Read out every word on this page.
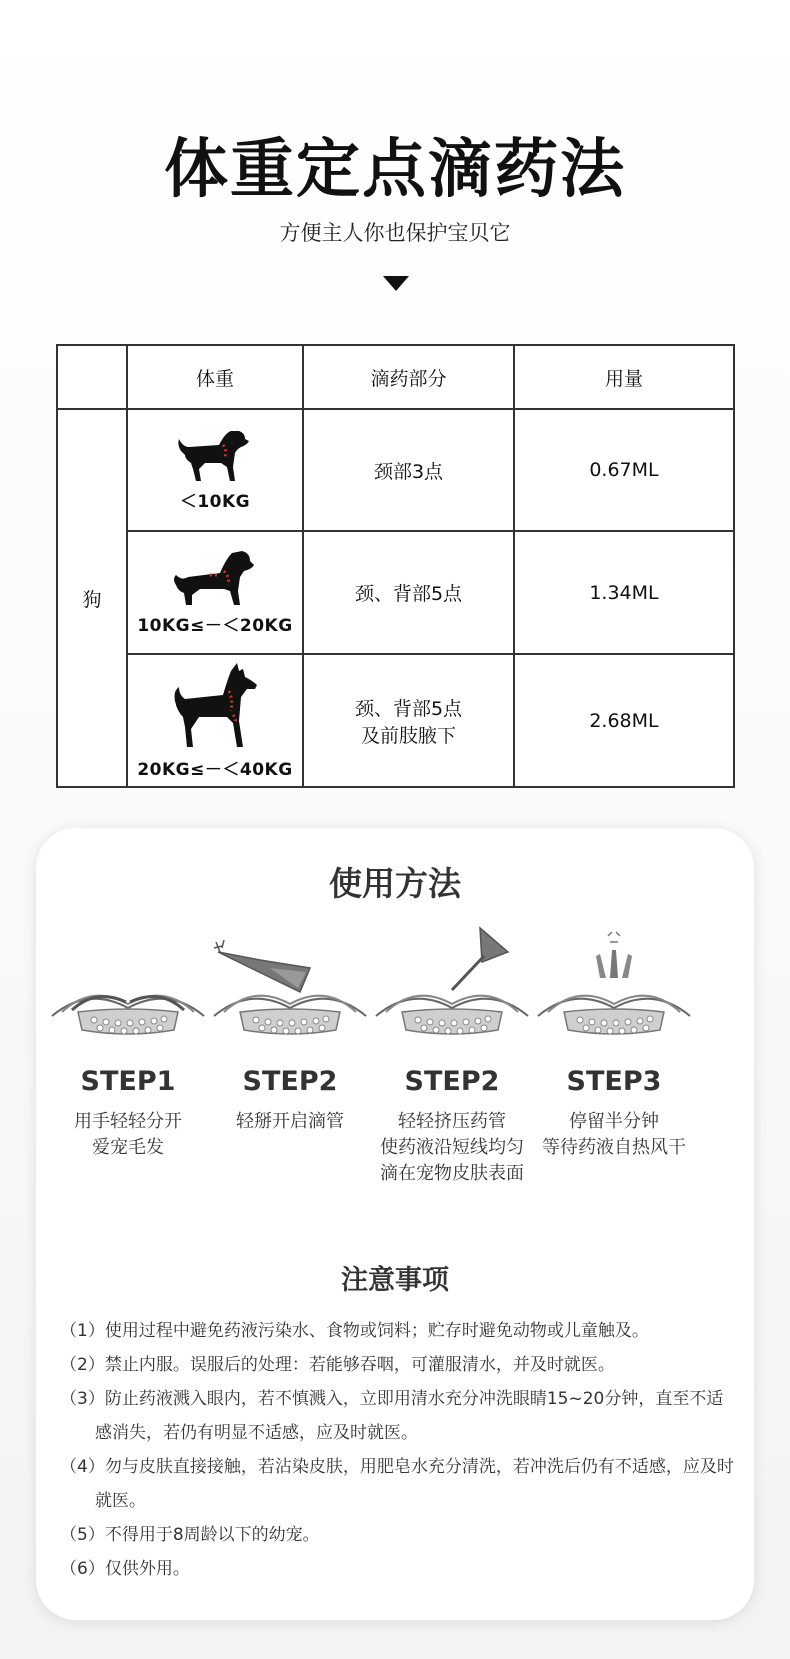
体重定点滴药法
方便主人你也保护宝贝它
	体重	滴药部分	用量
狗	＜10KG	颈部3点	0.67ML

	10KG≤－＜20KG	颈、背部5点	1.34ML

	20KG≤－＜40KG	颈、背部5点
及前肢腋下	2.68ML
使用方法
STEP1
用手轻轻分开
爱宠毛发
STEP2
轻掰开启滴管
STEP2
轻轻挤压药管
使药液沿短线均匀
滴在宠物皮肤表面
STEP3
停留半分钟
等待药液自热风干
注意事项
（1）使用过程中避免药液污染水、食物或饲料；贮存时避免动物或儿童触及。
（2）禁止内服。误服后的处理：若能够吞咽，可灌服清水，并及时就医。
（3）防止药液溅入眼内，若不慎溅入，立即用清水充分冲洗眼睛15~20分钟，直至不适感消失，若仍有明显不适感，应及时就医。
（4）勿与皮肤直接接触，若沾染皮肤，用肥皂水充分清洗，若冲洗后仍有不适感，应及时就医。
（5）不得用于8周龄以下的幼宠。
（6）仅供外用。
